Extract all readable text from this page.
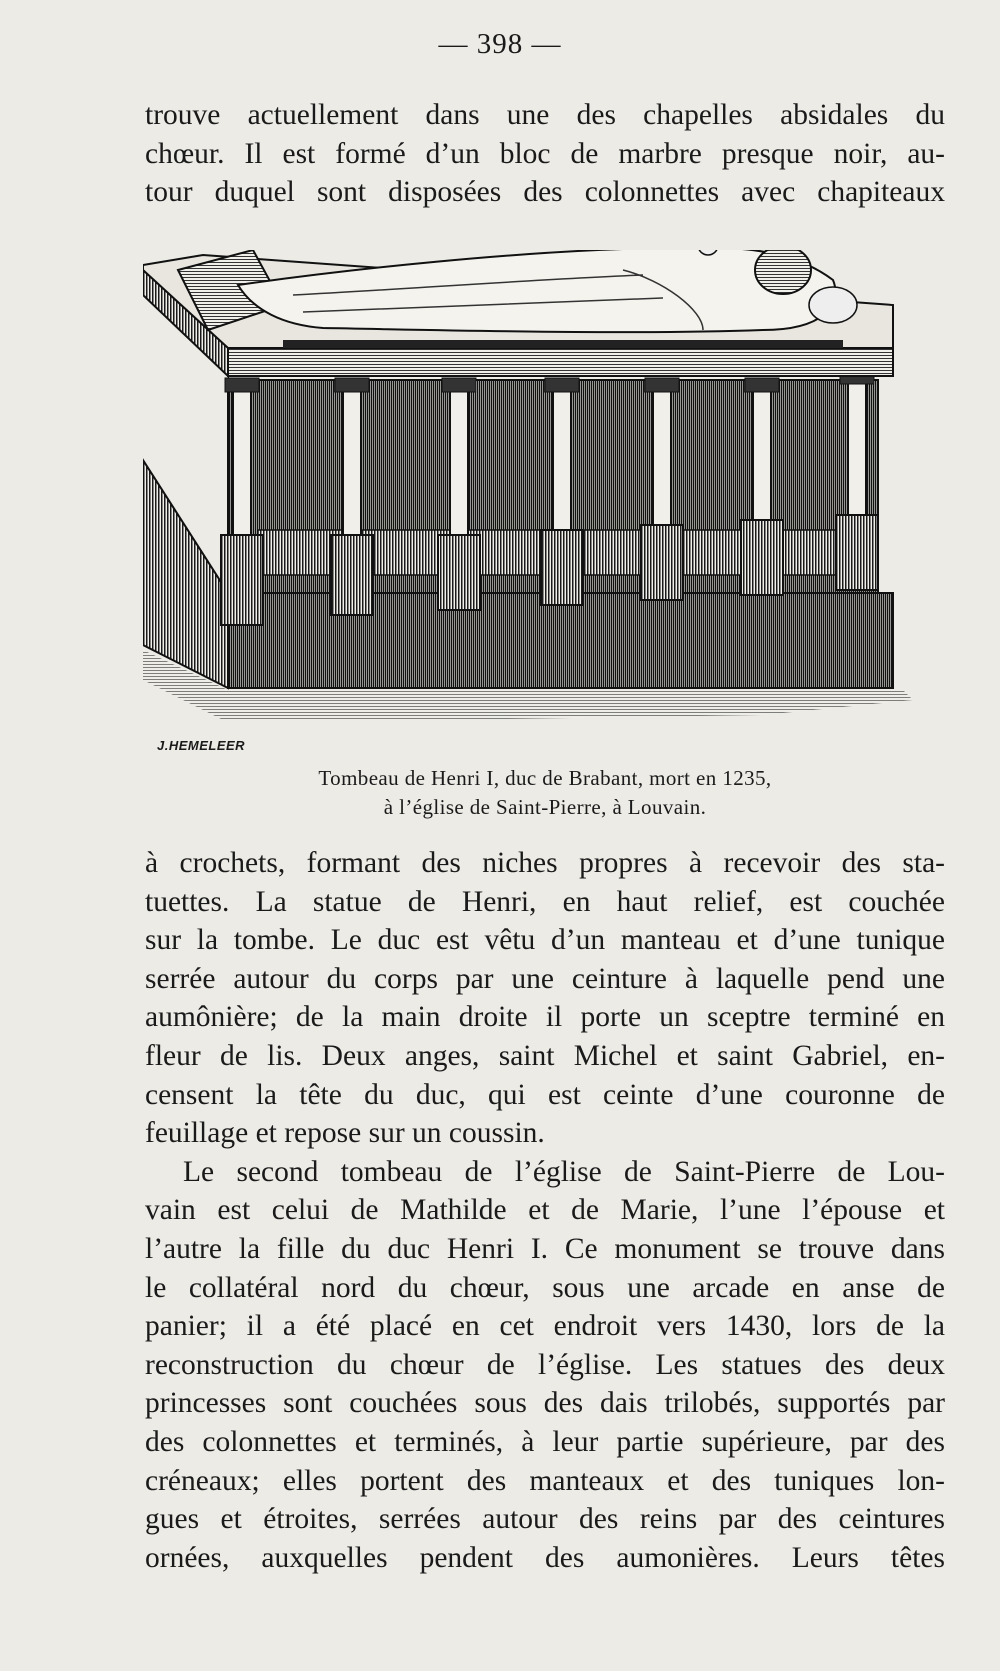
— 398 —
trouve actuellement dans une des chapelles absidales du
chœur. Il est formé d’un bloc de marbre presque noir, au-
tour duquel sont disposées des colonnettes avec chapiteaux
J.HEMELEER
Tombeau de Henri I, duc de Brabant, mort en 1235,
à l’église de Saint-Pierre, à Louvain.
à crochets, formant des niches propres à recevoir des sta-
tuettes. La statue de Henri, en haut relief, est couchée
sur la tombe. Le duc est vêtu d’un manteau et d’une tunique
serrée autour du corps par une ceinture à laquelle pend une
aumônière; de la main droite il porte un sceptre terminé en
fleur de lis. Deux anges, saint Michel et saint Gabriel, en-
censent la tête du duc, qui est ceinte d’une couronne de
feuillage et repose sur un coussin.
Le second tombeau de l’église de Saint-Pierre de Lou-
vain est celui de Mathilde et de Marie, l’une l’épouse et
l’autre la fille du duc Henri I. Ce monument se trouve dans
le collatéral nord du chœur, sous une arcade en anse de
panier; il a été placé en cet endroit vers 1430, lors de la
reconstruction du chœur de l’église. Les statues des deux
princesses sont couchées sous des dais trilobés, supportés par
des colonnettes et terminés, à leur partie supérieure, par des
créneaux; elles portent des manteaux et des tuniques lon-
gues et étroites, serrées autour des reins par des ceintures
ornées, auxquelles pendent des aumonières. Leurs têtes
